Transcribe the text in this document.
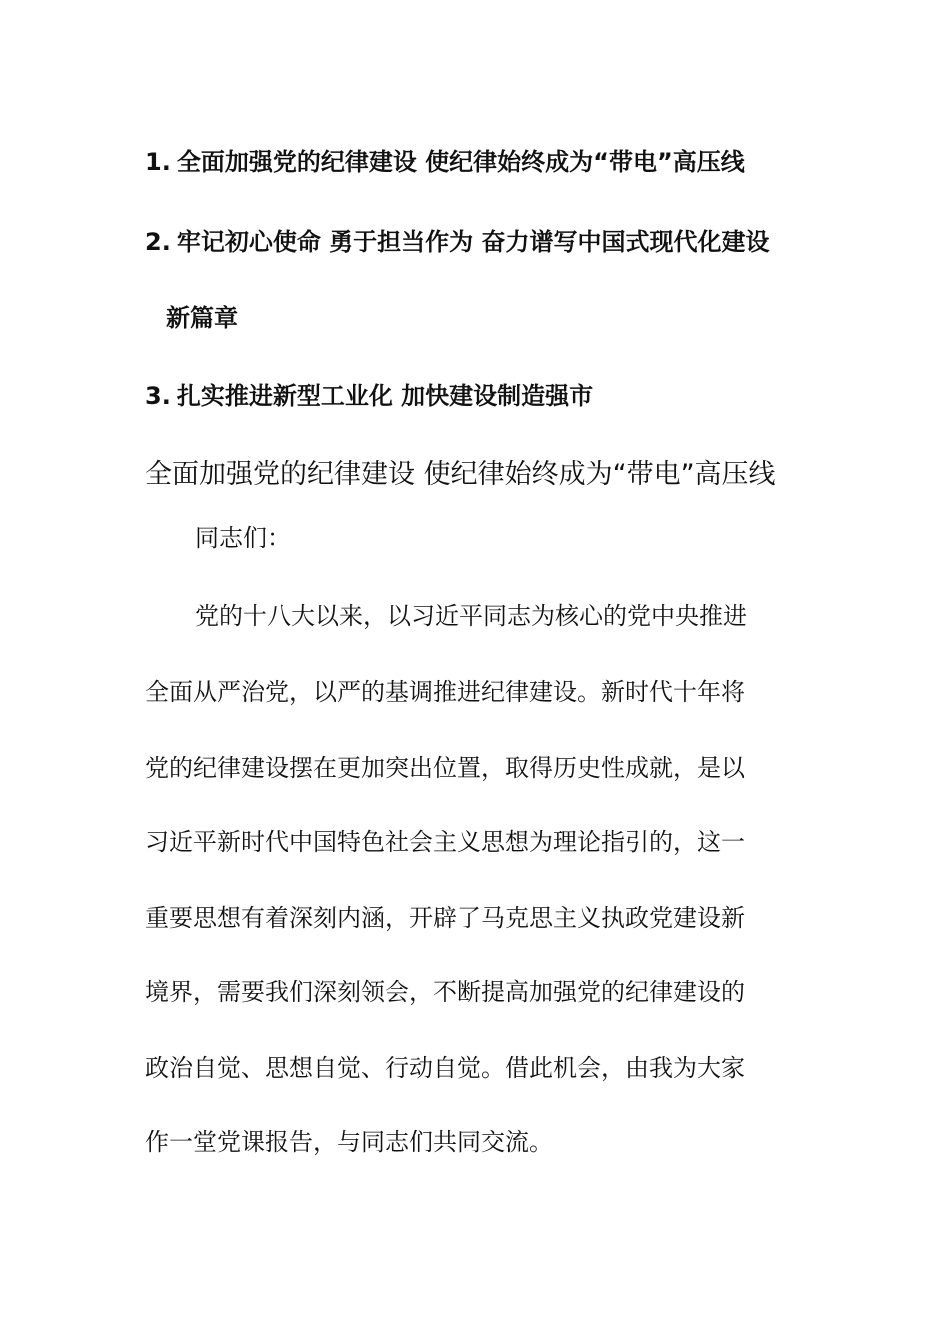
1. 全面加强党的纪律建设 使纪律始终成为“带电”高压线
2. 牢记初心使命 勇于担当作为 奋力谱写中国式现代化建设
新篇章
3. 扎实推进新型工业化 加快建设制造强市
全面加强党的纪律建设 使纪律始终成为“带电”高压线
同志们：
党的十八大以来，以习近平同志为核心的党中央推进
全面从严治党，以严的基调推进纪律建设。新时代十年将
党的纪律建设摆在更加突出位置，取得历史性成就，是以
习近平新时代中国特色社会主义思想为理论指引的，这一
重要思想有着深刻内涵，开辟了马克思主义执政党建设新
境界，需要我们深刻领会，不断提高加强党的纪律建设的
政治自觉、思想自觉、行动自觉。借此机会，由我为大家
作一堂党课报告，与同志们共同交流。
